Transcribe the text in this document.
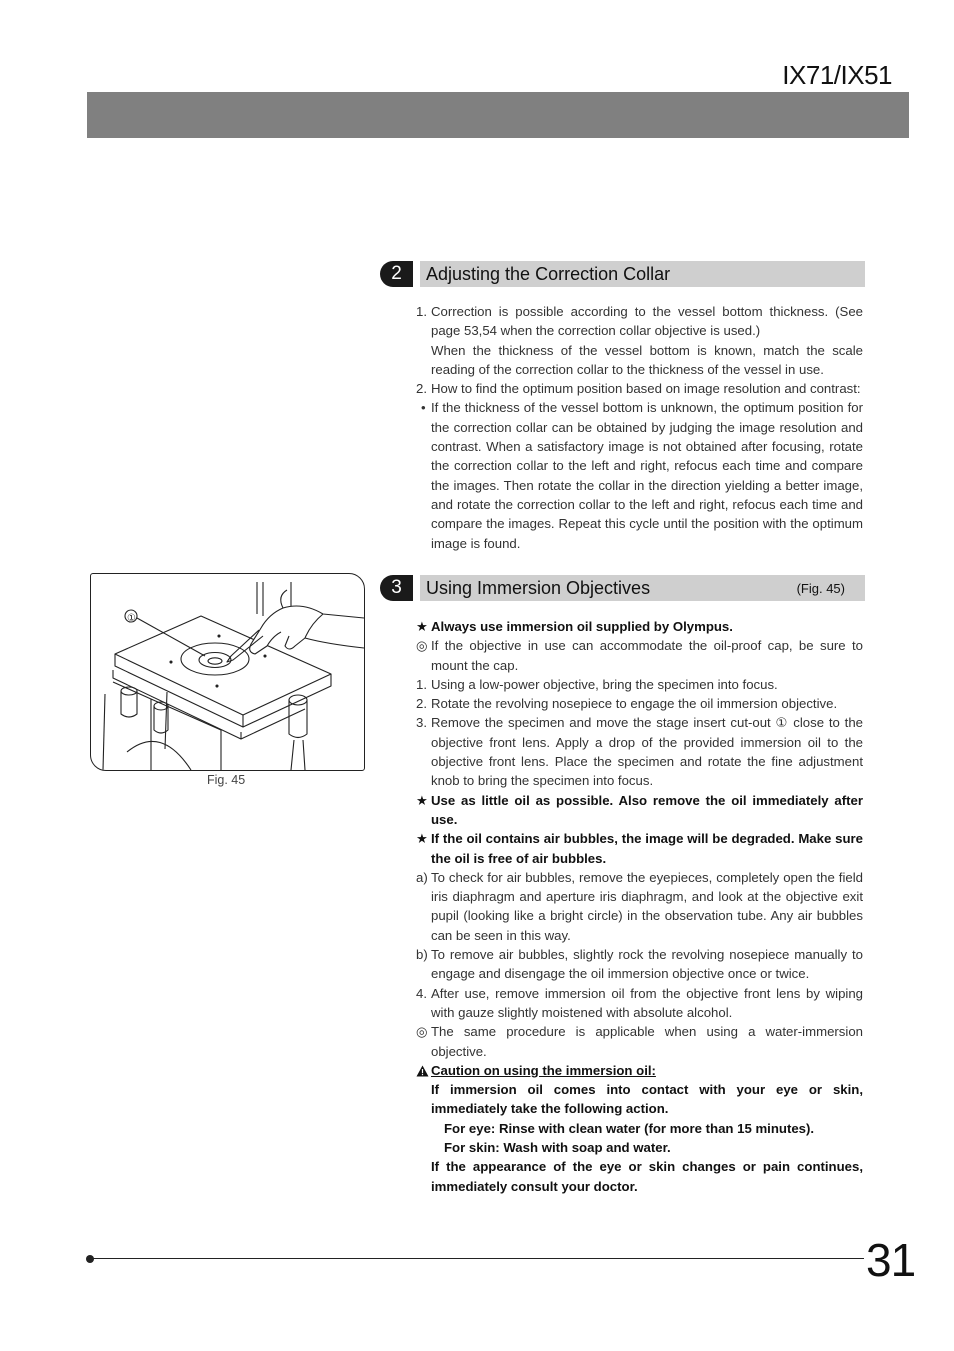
IX71/IX51
2	Adjusting the Correction Collar
1. Correction is possible according to the vessel bottom thickness. (See page 53,54 when the correction collar objective is used.)
When the thickness of the vessel bottom is known, match the scale reading of the correction collar to the thickness of the vessel in use.
2. How to find the optimum position based on image resolution and contrast:
• If the thickness of the vessel bottom is unknown, the optimum position for the correction collar can be obtained by judging the image resolution and contrast. When a satisfactory image is not obtained after focusing, rotate the correction collar to the left and right, refocus each time and compare the images. Then rotate the collar in the direction yielding a better image, and rotate the correction collar to the left and right, refocus each time and compare the images. Repeat this cycle until the position with the optimum image is found.
3	Using Immersion Objectives	(Fig. 45)
①
Fig. 45
★ Always use immersion oil supplied by Olympus.
◎ If the objective in use can accommodate the oil-proof cap, be sure to mount the cap.
1. Using a low-power objective, bring the specimen into focus.
2. Rotate the revolving nosepiece to engage the oil immersion objective.
3. Remove the specimen and move the stage insert cut-out ① close to the objective front lens. Apply a drop of the provided immersion oil to the objective front lens. Place the specimen and rotate the fine adjustment knob to bring the specimen into focus.
★ Use as little oil as possible. Also remove the oil immediately after use.
★ If the oil contains air bubbles, the image will be degraded. Make sure the oil is free of air bubbles.
a) To check for air bubbles, remove the eyepieces, completely open the field iris diaphragm and aperture iris diaphragm, and look at the objective exit pupil (looking like a bright circle) in the observation tube. Any air bubbles can be seen in this way.
b) To remove air bubbles, slightly rock the revolving nosepiece manually to engage and disengage the oil immersion objective once or twice.
4. After use, remove immersion oil from the objective front lens by wiping with gauze slightly moistened with absolute alcohol.
◎ The same procedure is applicable when using a water-immersion objective.
Caution on using the immersion oil:
If immersion oil comes into contact with your eye or skin, immediately take the following action.
For eye: Rinse with clean water (for more than 15 minutes).
For skin: Wash with soap and water.
If the appearance of the eye or skin changes or pain continues, immediately consult your doctor.
31
